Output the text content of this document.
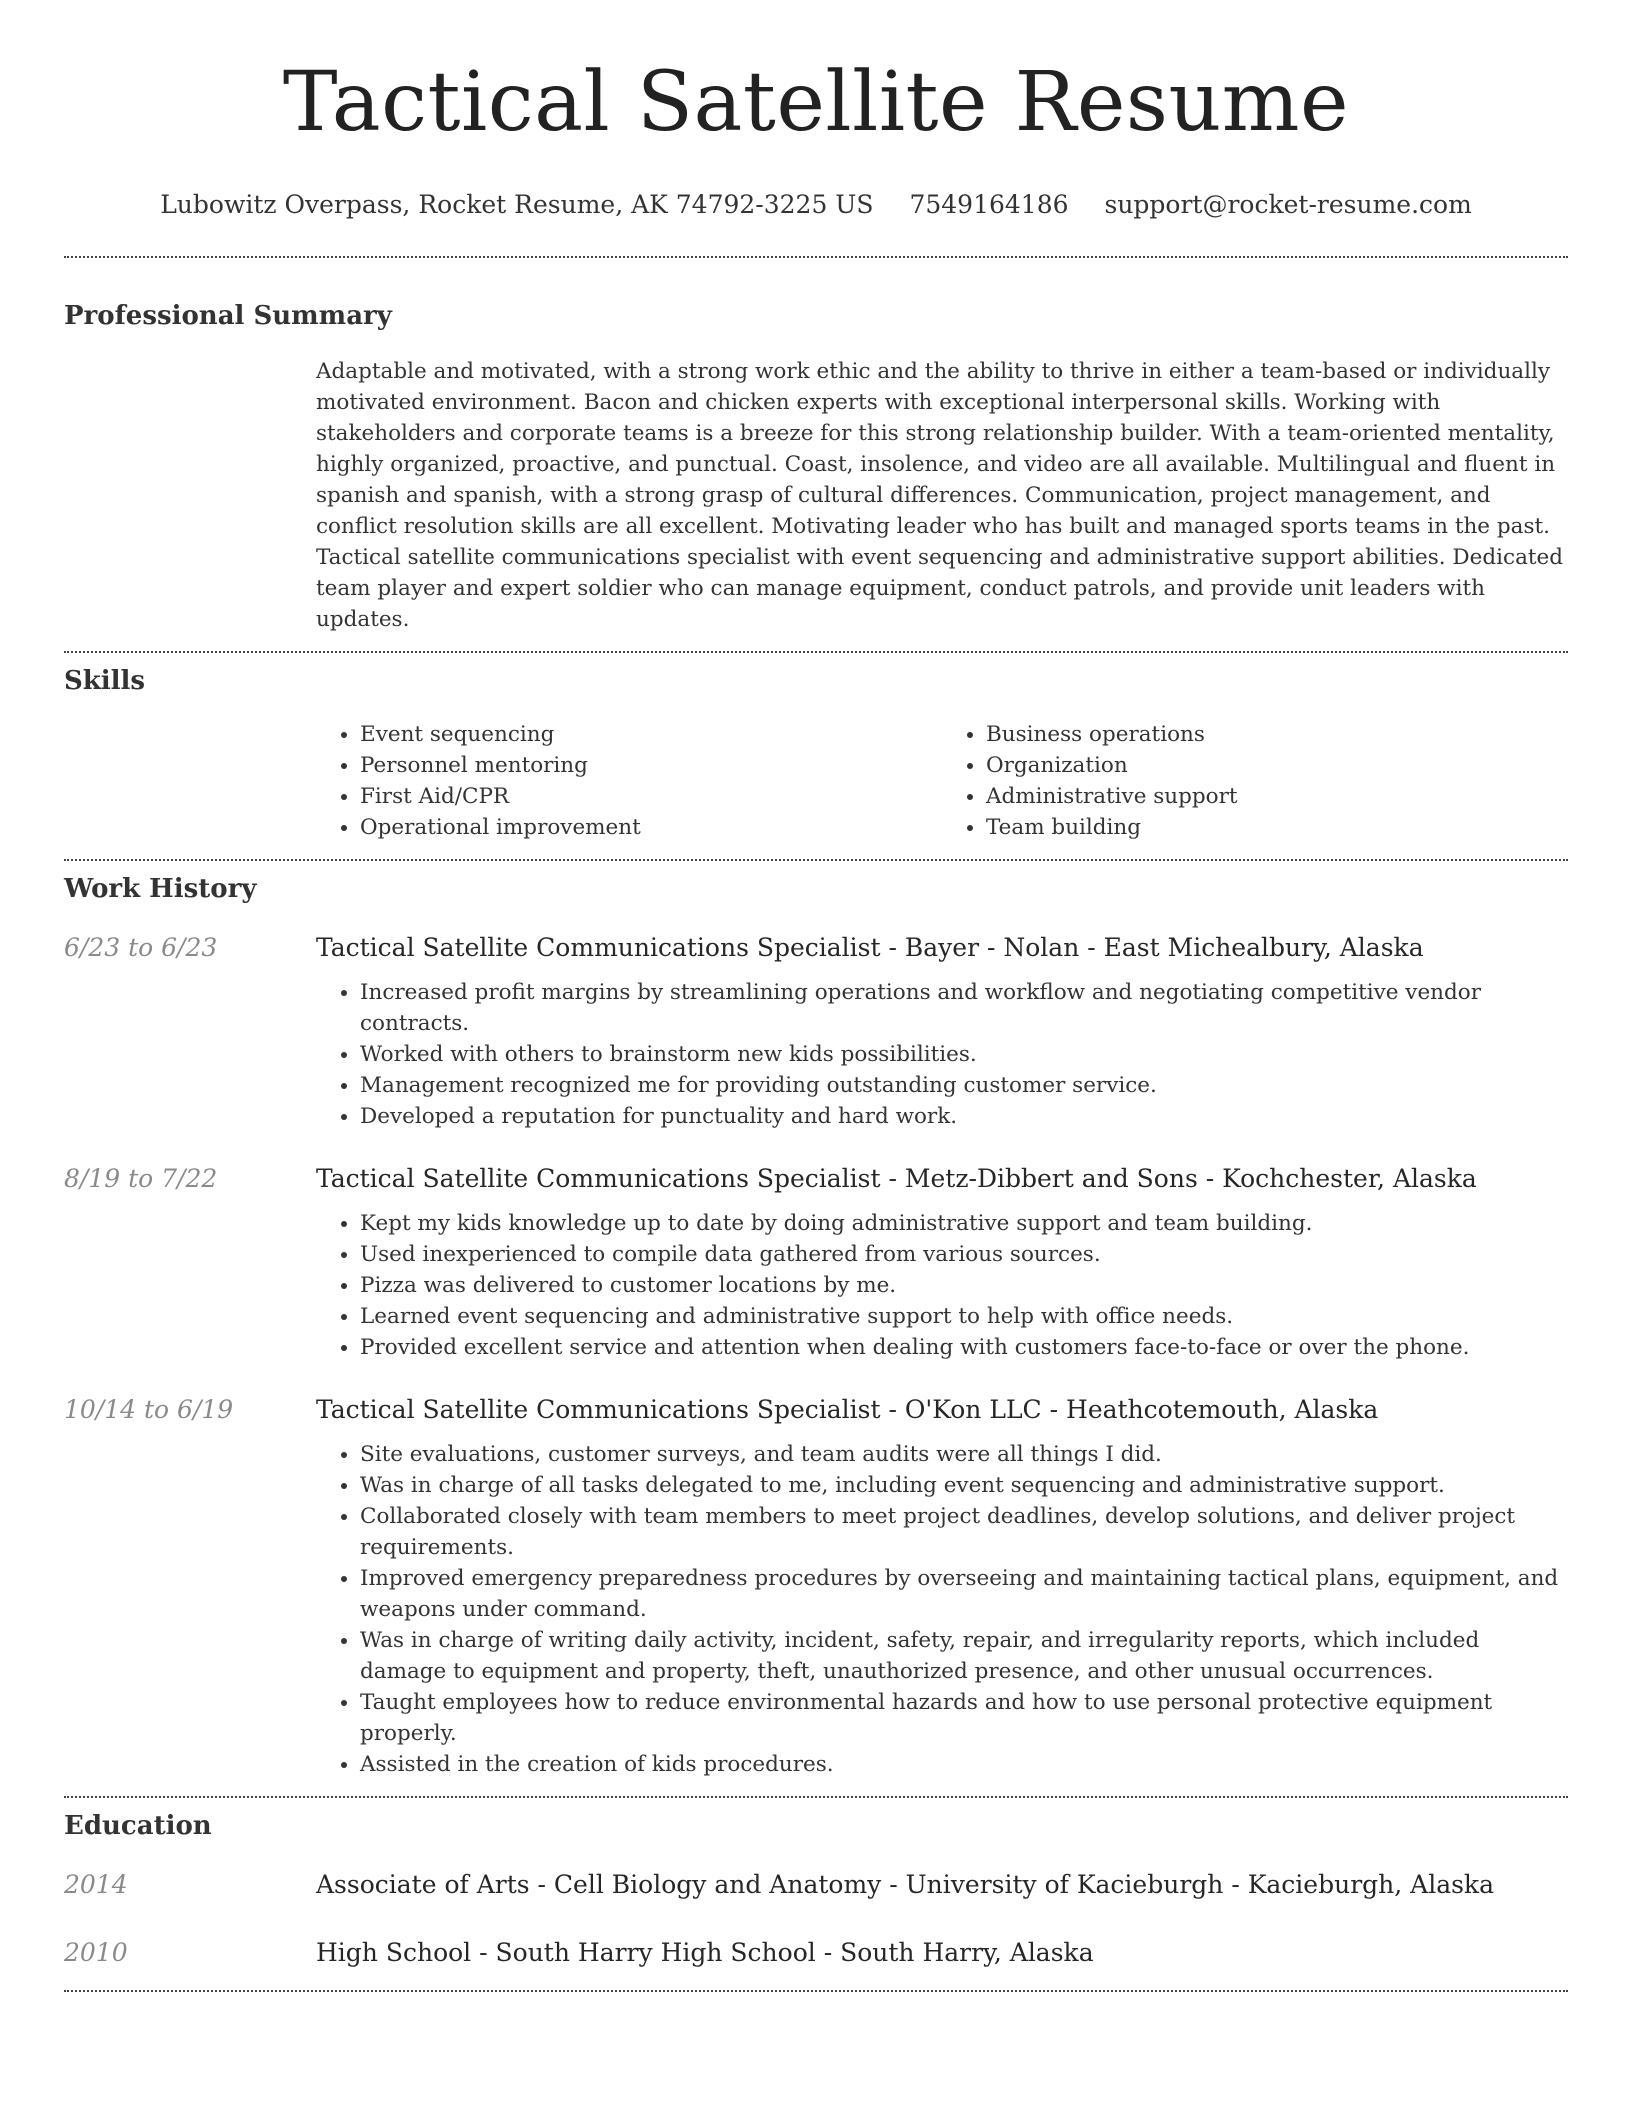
Tactical Satellite Resume
Lubowitz Overpass, Rocket Resume, AK 74792-3225 US 7549164186 support@rocket-resume.com
Professional Summary

Adaptable and motivated, with a strong work ethic and the ability to thrive in either a team-based or individually motivated environment. Bacon and chicken experts with exceptional interpersonal skills. Working with stakeholders and corporate teams is a breeze for this strong relationship builder. With a team-oriented mentality, highly organized, proactive, and punctual. Coast, insolence, and video are all available. Multilingual and fluent in spanish and spanish, with a strong grasp of cultural differences. Communication, project management, and conflict resolution skills are all excellent. Motivating leader who has built and managed sports teams in the past. Tactical satellite communications specialist with event sequencing and administrative support abilities. Dedicated team player and expert soldier who can manage equipment, conduct patrols, and provide unit leaders with updates.

Skills
• Event sequencing
• Personnel mentoring
• First Aid/CPR
• Operational improvement
• Business operations
• Organization
• Administrative support
• Team building
Work History
6/23 to 6/23	Tactical Satellite Communications Specialist - Bayer - Nolan - East Michealbury, Alaska
• Increased profit margins by streamlining operations and workflow and negotiating competitive vendor contracts.
• Worked with others to brainstorm new kids possibilities.
• Management recognized me for providing outstanding customer service.
• Developed a reputation for punctuality and hard work.
8/19 to 7/22	Tactical Satellite Communications Specialist - Metz-Dibbert and Sons - Kochchester, Alaska
• Kept my kids knowledge up to date by doing administrative support and team building.
• Used inexperienced to compile data gathered from various sources.
• Pizza was delivered to customer locations by me.
• Learned event sequencing and administrative support to help with office needs.
• Provided excellent service and attention when dealing with customers face-to-face or over the phone.
10/14 to 6/19	Tactical Satellite Communications Specialist - O'Kon LLC - Heathcotemouth, Alaska
• Site evaluations, customer surveys, and team audits were all things I did.
• Was in charge of all tasks delegated to me, including event sequencing and administrative support.
• Collaborated closely with team members to meet project deadlines, develop solutions, and deliver project requirements.
• Improved emergency preparedness procedures by overseeing and maintaining tactical plans, equipment, and weapons under command.
• Was in charge of writing daily activity, incident, safety, repair, and irregularity reports, which included damage to equipment and property, theft, unauthorized presence, and other unusual occurrences.
• Taught employees how to reduce environmental hazards and how to use personal protective equipment properly.
• Assisted in the creation of kids procedures.
Education
2014	Associate of Arts - Cell Biology and Anatomy - University of Kacieburgh - Kacieburgh, Alaska
2010	High School - South Harry High School - South Harry, Alaska
